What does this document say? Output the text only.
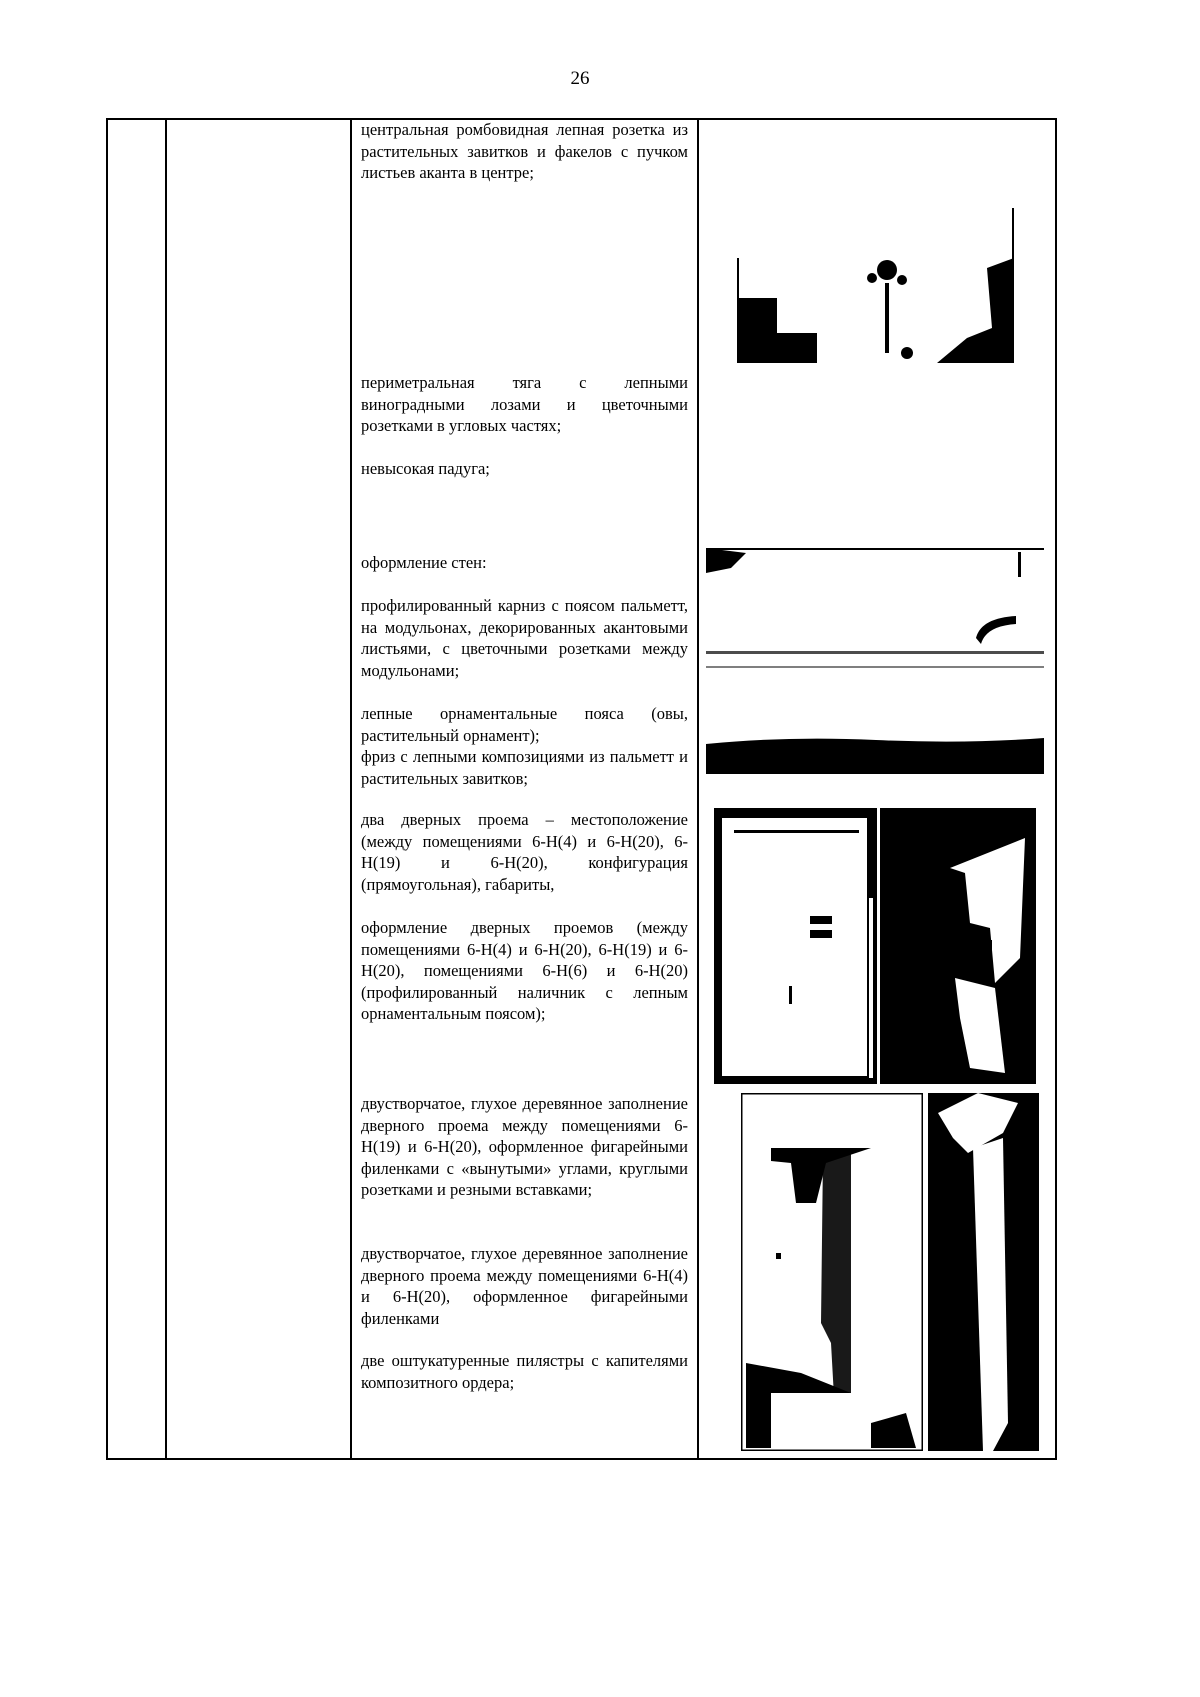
26

центральная ромбовидная лепная розетка из растительных завитков и факелов с пучком листьев аканта в центре;

периметральная тяга с лепными виноградными лозами и цветочными розетками в угловых частях;

невысокая падуга;

оформление стен:

профилированный карниз с поясом пальметт, на модульонах, декорированных акантовыми листьями, с цветочными розетками между модульонами;

лепные орнаментальные пояса (овы, растительный орнамент);

фриз с лепными композициями из пальметт и растительных завитков;

два дверных проема – местоположение (между помещениями 6-Н(4) и 6-Н(20), 6-Н(19) и 6-Н(20), конфигурация (прямоугольная), габариты,

оформление дверных проемов (между помещениями 6-Н(4) и 6-Н(20), 6-Н(19) и 6-Н(20), помещениями 6-Н(6) и 6-Н(20) (профилированный наличник с лепным орнаментальным поясом);

двустворчатое, глухое деревянное заполнение дверного проема между помещениями 6-Н(19) и 6-Н(20), оформленное фигарейными филенками с «вынутыми» углами, круглыми розетками и резными вставками;

двустворчатое, глухое деревянное заполнение дверного проема между помещениями 6-Н(4) и 6-Н(20), оформленное фигарейными филенками

две оштукатуренные пилястры с капителями композитного ордера;
